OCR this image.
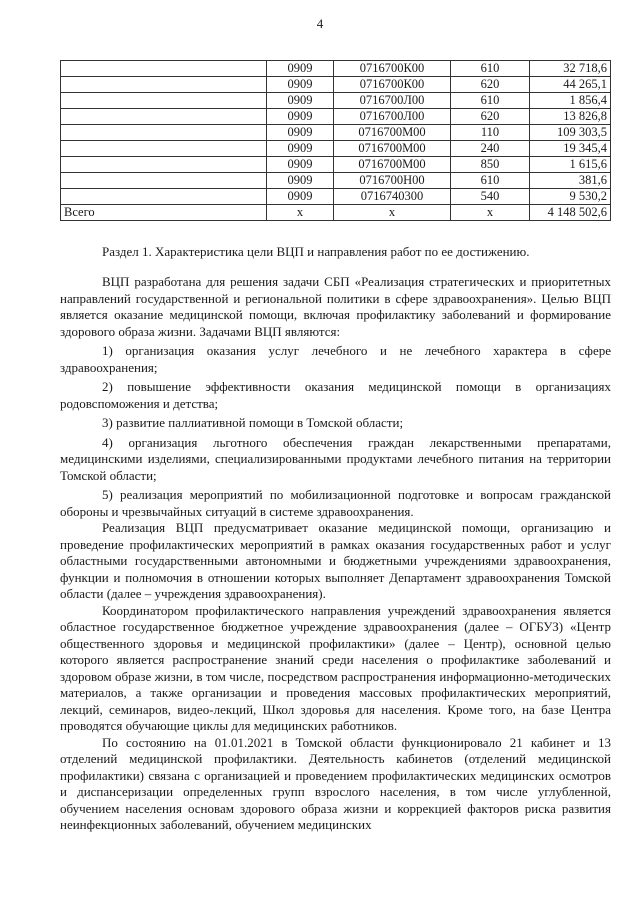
4
	0909	0716700К00	610	32 718,6
	0909	0716700К00	620	44 265,1
	0909	0716700Л00	610	1 856,4
	0909	0716700Л00	620	13 826,8
	0909	0716700М00	110	109 303,5
	0909	0716700М00	240	19 345,4
	0909	0716700М00	850	1 615,6
	0909	0716700Н00	610	381,6
	0909	0716740300	540	9 530,2
Всего	х	х	х	4 148 502,6
Раздел 1. Характеристика цели ВЦП и направления работ по ее достижению.

ВЦП разработана для решения задачи СБП «Реализация стратегических и приоритетных направлений государственной и региональной политики в сфере здравоохранения». Целью ВЦП является оказание медицинской помощи, включая профилактику заболеваний и формирование здорового образа жизни. Задачами ВЦП являются:

1) организация оказания услуг лечебного и не лечебного характера в сфере здравоохранения;

2) повышение эффективности оказания медицинской помощи в организациях родовспоможения и детства;

3) развитие паллиативной помощи в Томской области;

4) организация льготного обеспечения граждан лекарственными препаратами, медицинскими изделиями, специализированными продуктами лечебного питания на территории Томской области;

5) реализация мероприятий по мобилизационной подготовке и вопросам гражданской обороны и чрезвычайных ситуаций в системе здравоохранения.

Реализация ВЦП предусматривает оказание медицинской помощи, организацию и проведение профилактических мероприятий в рамках оказания государственных работ и услуг областными государственными автономными и бюджетными учреждениями здравоохранения, функции и полномочия в отношении которых выполняет Департамент здравоохранения Томской области (далее – учреждения здравоохранения).

Координатором профилактического направления учреждений здравоохранения является областное государственное бюджетное учреждение здравоохранения (далее – ОГБУЗ) «Центр общественного здоровья и медицинской профилактики» (далее – Центр), основной целью которого является распространение знаний среди населения о профилактике заболеваний и здоровом образе жизни, в том числе, посредством распространения информационно-методических материалов, а также организации и проведения массовых профилактических мероприятий, лекций, семинаров, видео-лекций, Школ здоровья для населения. Кроме того, на базе Центра проводятся обучающие циклы для медицинских работников.

По состоянию на 01.01.2021 в Томской области функционировало 21 кабинет и 13 отделений медицинской профилактики. Деятельность кабинетов (отделений медицинской профилактики) связана с организацией и проведением профилактических медицинских осмотров и диспансеризации определенных групп взрослого населения, в том числе углубленной, обучением населения основам здорового образа жизни и коррекцией факторов риска развития неинфекционных заболеваний, обучением медицинских
